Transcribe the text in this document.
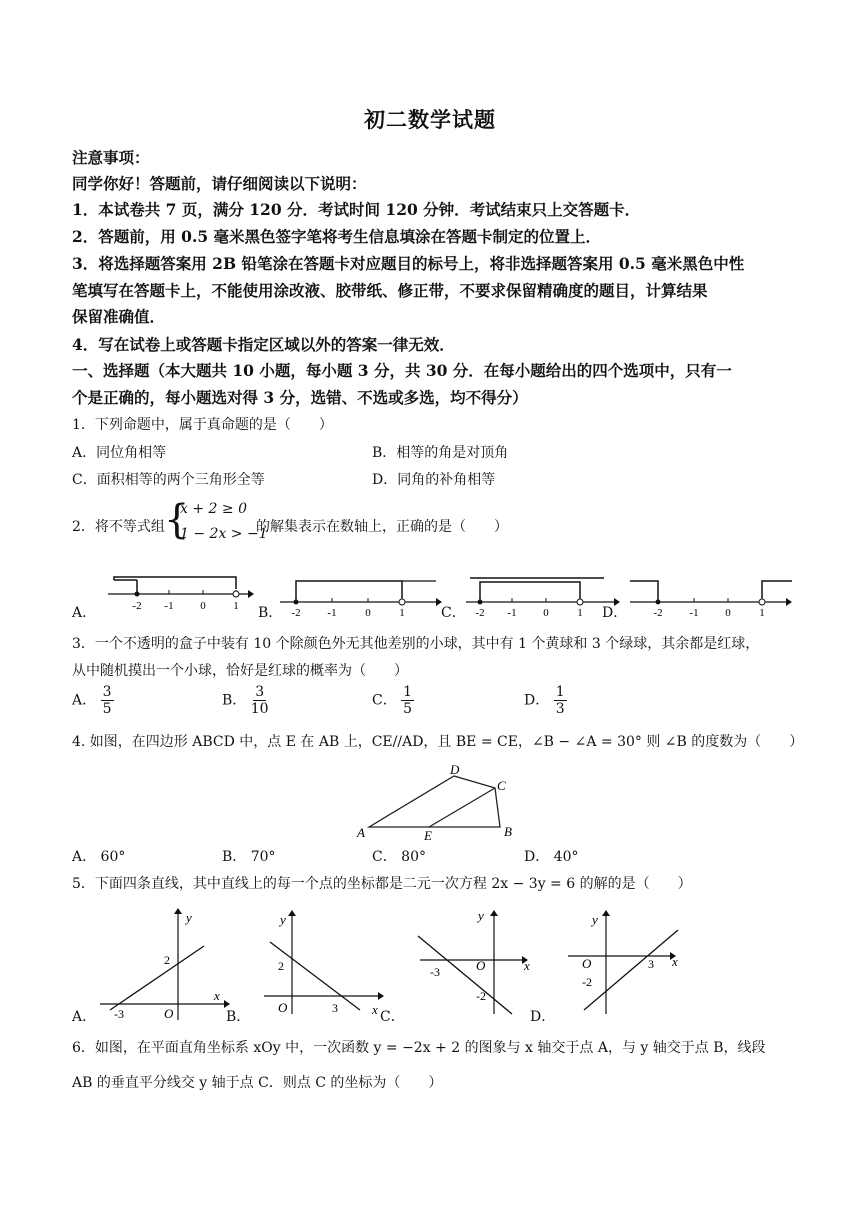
初二数学试题
注意事项：
同学你好！答题前，请仔细阅读以下说明：
1．本试卷共 7 页，满分 120 分．考试时间 120 分钟．考试结束只上交答题卡．
2．答题前，用 0.5 毫米黑色签字笔将考生信息填涂在答题卡制定的位置上．
3．将选择题答案用 2B 铅笔涂在答题卡对应题目的标号上，将非选择题答案用 0.5 毫米黑色中性
笔填写在答题卡上，不能使用涂改液、胶带纸、修正带，不要求保留精确度的题目，计算结果
保留准确值．
4．写在试卷上或答题卡指定区域以外的答案一律无效．
一、选择题（本大题共 10 小题，每小题 3 分，共 30 分．在每小题给出的四个选项中，只有一
个是正确的，每小题选对得 3 分，选错、不选或多选，均不得分）
1．下列命题中，属于真命题的是（　　）
A．同位角相等	B．相等的角是对顶角
C．面积相等的两个三角形全等	D．同角的补角相等
2．将不等式组 {
x + 2 ≥ 0
1 − 2x > −1
的解集表示在数轴上，正确的是（　　）
A．	B．	C．	D．
-2 -1 0	1
-2 -1	0	1	-2 -1 0	1	-2 -1 0	1
3．一个不透明的盒子中装有 10 个除颜色外无其他差别的小球，其中有 1 个黄球和 3 个绿球，其余都是红球，
从中随机摸出一个小球，恰好是红球的概率为（　　）
A． $\frac{3}{5}$	B． $\frac{3}{10}$	C． $\frac{1}{5}$	D． $\frac{1}{3}$
4. 如图，在四边形 ABCD 中，点 E 在 AB 上，CE//AD，且 BE = CE，∠B − ∠A = 30° 则 ∠B 的度数为（　　）
A	B
C
D
E
A． 60°	B． 70°	C． 80°	D． 40°
5．下面四条直线，其中直线上的每一个点的坐标都是二元一次方程 2x − 3y = 6 的解的是（　　）
A．	B．	C．	D．
y
x
O
2
-3
y
x
O
2
3
y
x
O
-3
-2
y
x
O	3
-2
6．如图，在平面直角坐标系 xOy 中，一次函数 y = −2x + 2 的图象与 x 轴交于点 A，与 y 轴交于点 B，线段
AB 的垂直平分线交 y 轴于点 C．则点 C 的坐标为（　　）
